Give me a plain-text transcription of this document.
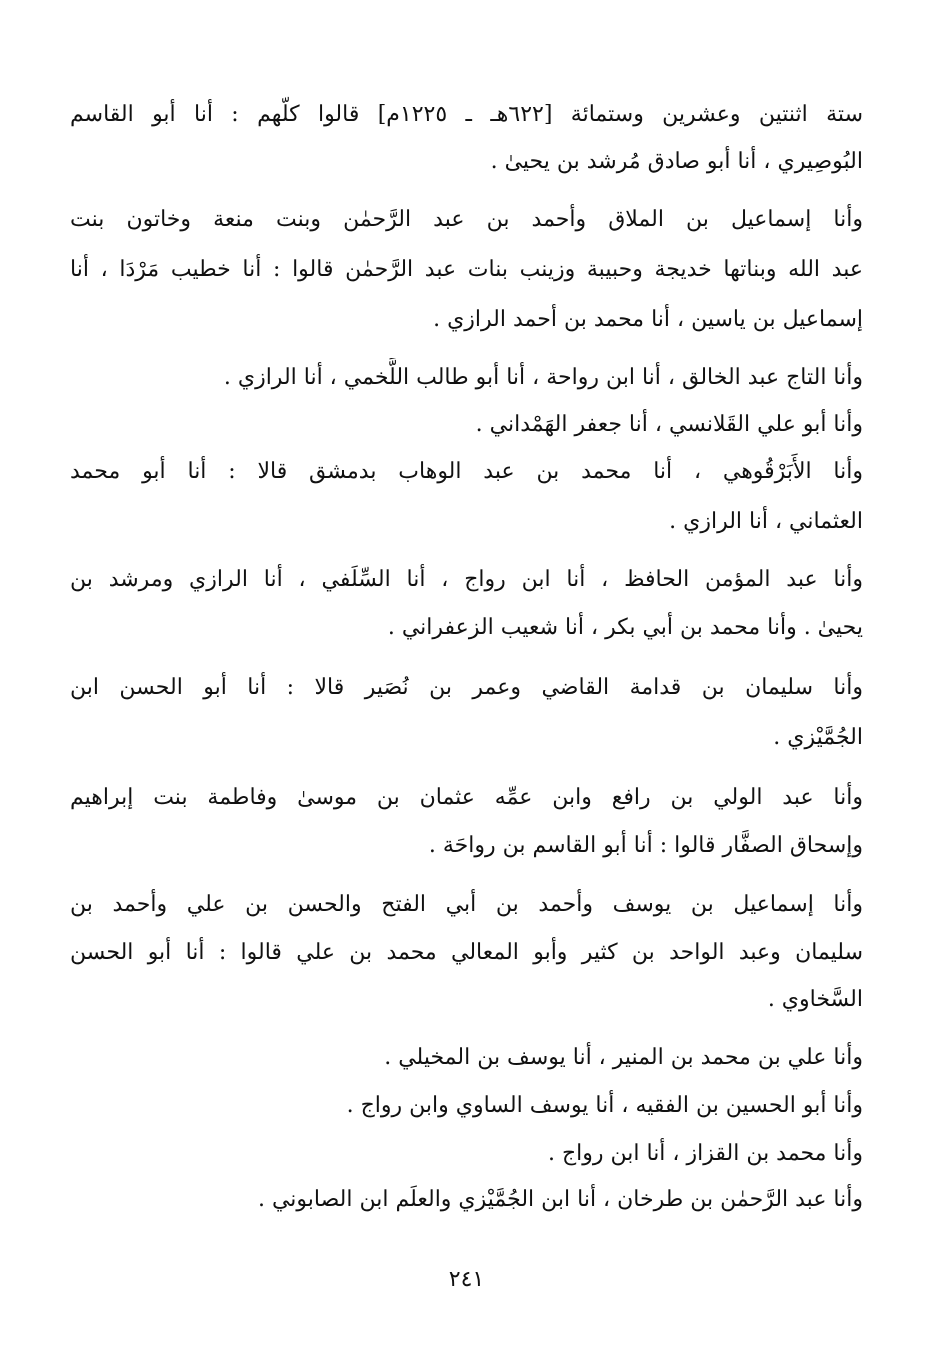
ستة اثنتين وعشرين وستمائة [٦٢٢هـ ـ ١٢٢٥م] قالوا كلّهم : أنا أبو القاسم
البُوصِيري ، أنا أبو صادق مُرشد بن يحيىٰ .
وأنا إسماعيل بن الملاق وأحمد بن عبد الرَّحمٰن وبنت منعة وخاتون بنت
عبد الله وبناتها خديجة وحبيبة وزينب بنات عبد الرَّحمٰن قالوا : أنا خطيب مَرْدَا ، أنا
إسماعيل بن ياسين ، أنا محمد بن أحمد الرازي .
وأنا التاج عبد الخالق ، أنا ابن رواحة ، أنا أبو طالب اللَّخمي ، أنا الرازي .
وأنا أبو علي القَلانسي ، أنا جعفر الهَمْداني .
وأنا الأَبَرْقُوهي ، أنا محمد بن عبد الوهاب بدمشق قالا : أنا أبو محمد
العثماني ، أنا الرازي .
وأنا عبد المؤمن الحافظ ، أنا ابن رواج ، أنا السِّلَفي ، أنا الرازي ومرشد بن
يحيىٰ . وأنا محمد بن أبي بكر ، أنا شعيب الزعفراني .
وأنا سليمان بن قدامة القاضي وعمر بن نُصَير قالا : أنا أبو الحسن ابن
الجُمَّيْزي .
وأنا عبد الولي بن رافع وابن عمِّه عثمان بن موسىٰ وفاطمة بنت إبراهيم
وإسحاق الصفَّار قالوا : أنا أبو القاسم بن رواحَة .
وأنا إسماعيل بن يوسف وأحمد بن أبي الفتح والحسن بن علي وأحمد بن
سليمان وعبد الواحد بن كثير وأبو المعالي محمد بن علي قالوا : أنا أبو الحسن
السَّخاوي .
وأنا علي بن محمد بن المنير ، أنا يوسف بن المخيلي .
وأنا أبو الحسين بن الفقيه ، أنا يوسف الساوي وابن رواج .
وأنا محمد بن القزاز ، أنا ابن رواج .
وأنا عبد الرَّحمٰن بن طرخان ، أنا ابن الجُمَّيْزي والعلَم ابن الصابوني .
٢٤١
